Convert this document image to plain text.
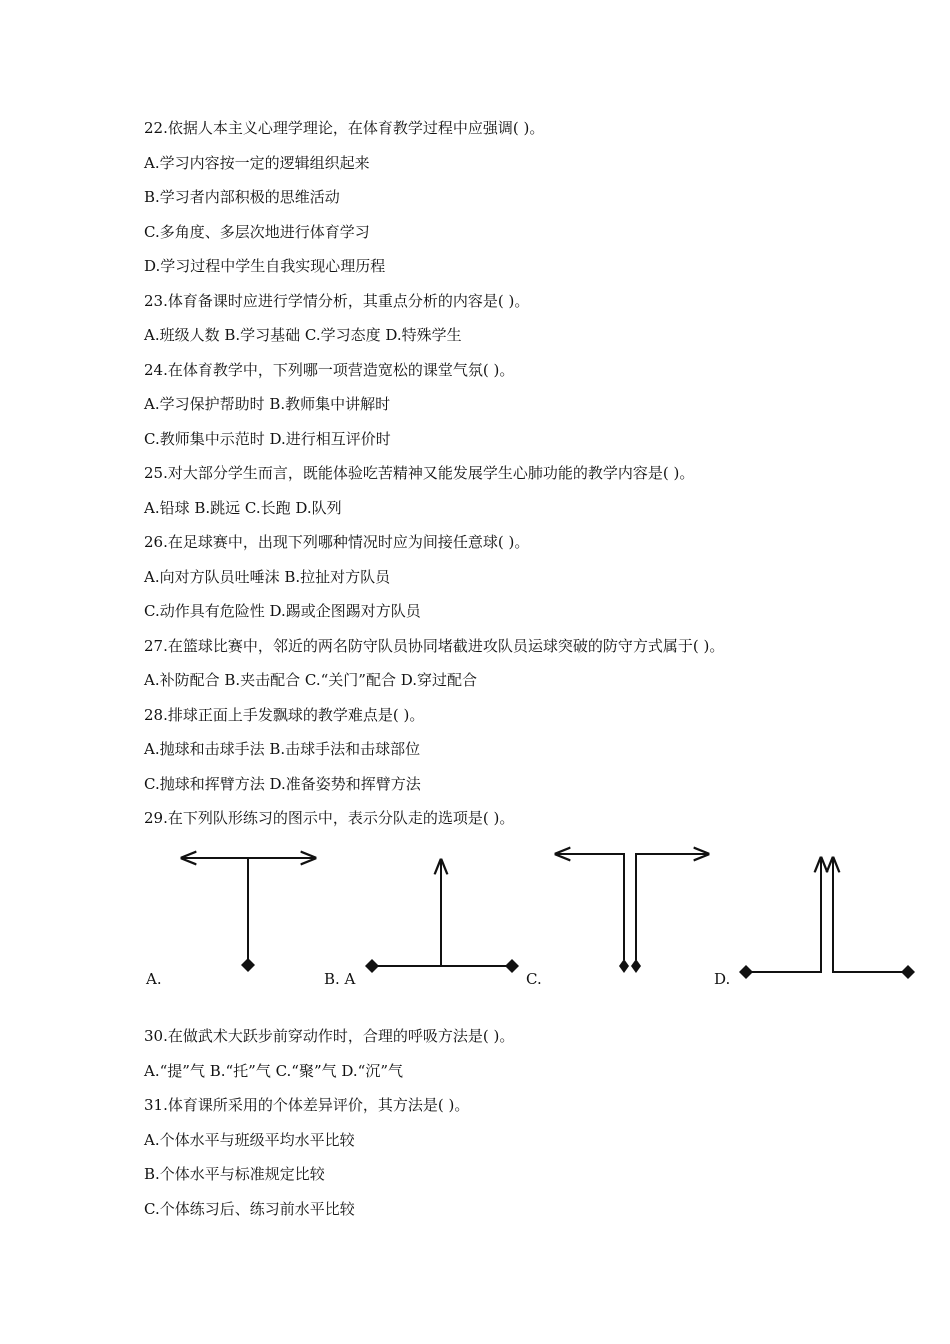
22.依据人本主义心理学理论，在体育教学过程中应强调( )。
A.学习内容按一定的逻辑组织起来
B.学习者内部积极的思维活动
C.多角度、多层次地进行体育学习
D.学习过程中学生自我实现心理历程
23.体育备课时应进行学情分析，其重点分析的内容是( )。
A.班级人数 B.学习基础 C.学习态度 D.特殊学生
24.在体育教学中，下列哪一项营造宽松的课堂气氛( )。
A.学习保护帮助时 B.教师集中讲解时
C.教师集中示范时 D.进行相互评价时
25.对大部分学生而言，既能体验吃苦精神又能发展学生心肺功能的教学内容是( )。
A.铅球 B.跳远 C.长跑 D.队列
26.在足球赛中，出现下列哪种情况时应为间接任意球( )。
A.向对方队员吐唾沫 B.拉扯对方队员
C.动作具有危险性 D.踢或企图踢对方队员
27.在篮球比赛中，邻近的两名防守队员协同堵截进攻队员运球突破的防守方式属于( )。
A.补防配合 B.夹击配合 C.“关门”配合 D.穿过配合
28.排球正面上手发飘球的教学难点是( )。
A.抛球和击球手法 B.击球手法和击球部位
C.抛球和挥臂方法 D.准备姿势和挥臂方法
29.在下列队形练习的图示中，表示分队走的选项是( )。
A.	B. A	C.	D.
30.在做武术大跃步前穿动作时，合理的呼吸方法是( )。
A.“提”气 B.“托”气 C.“聚”气 D.“沉”气
31.体育课所采用的个体差异评价，其方法是( )。
A.个体水平与班级平均水平比较
B.个体水平与标准规定比较
C.个体练习后、练习前水平比较
